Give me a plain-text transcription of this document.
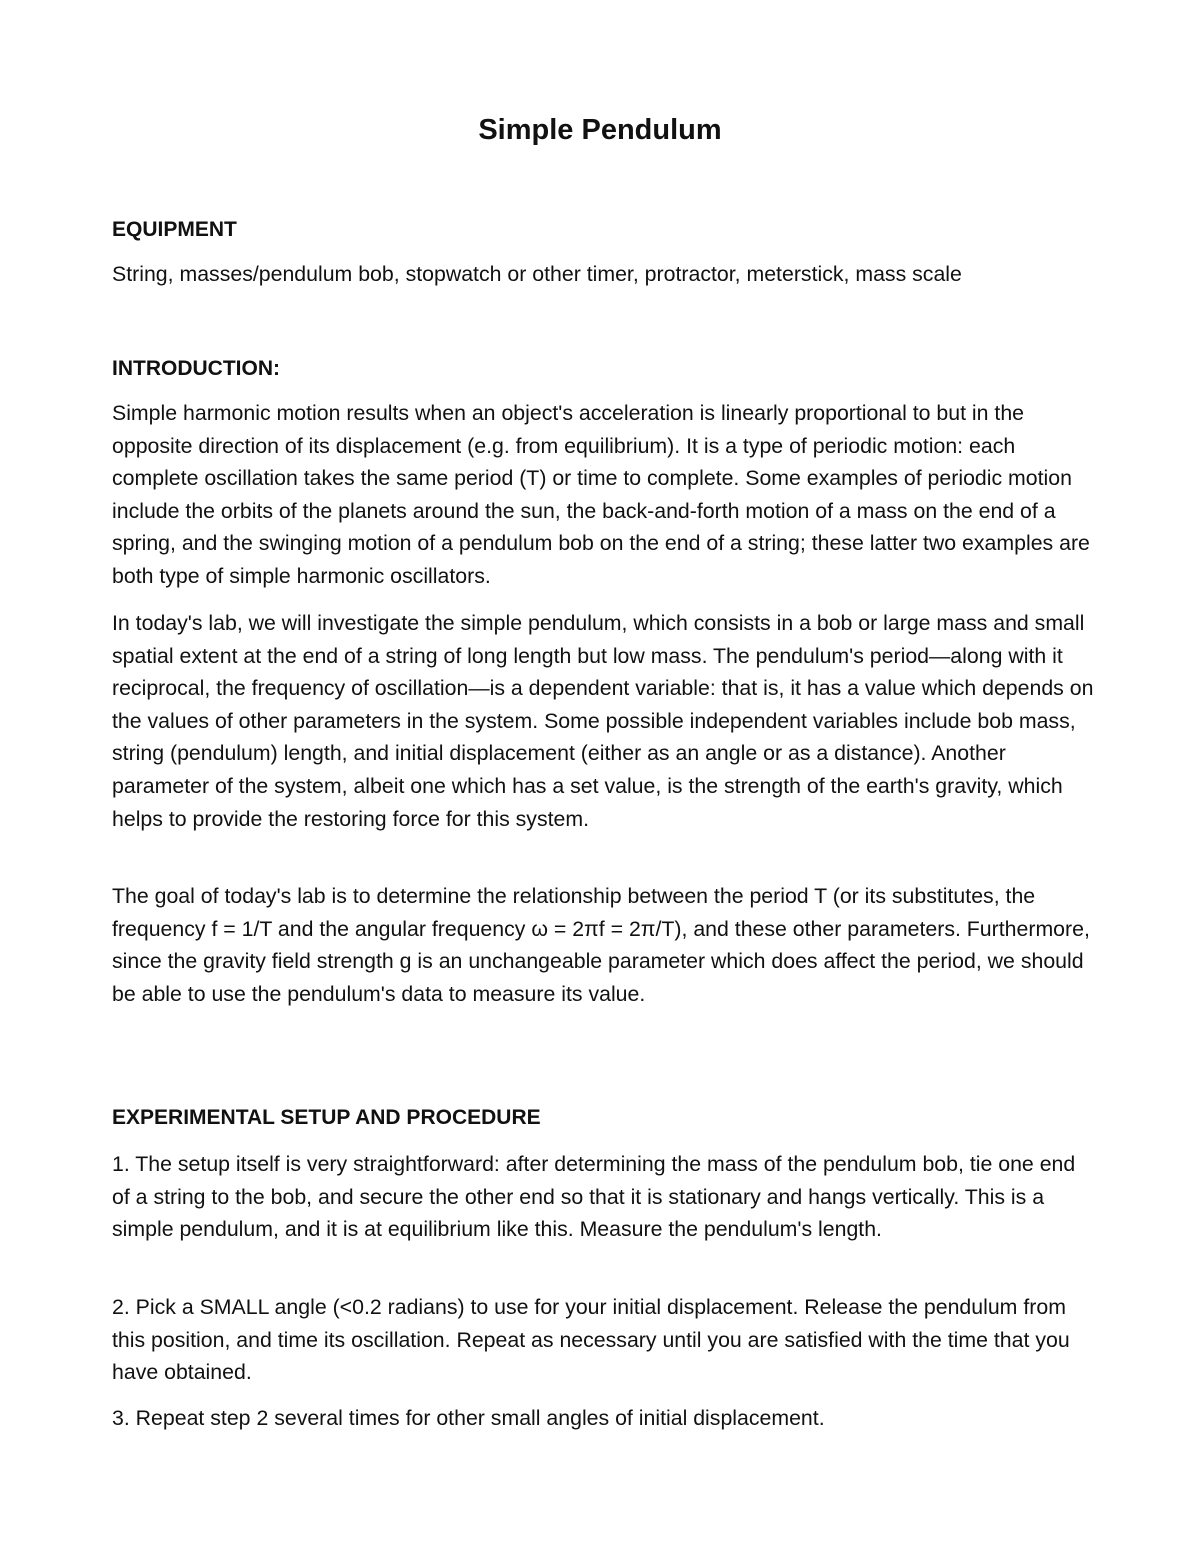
Simple Pendulum
EQUIPMENT

String, masses/pendulum bob, stopwatch or other timer, protractor, meterstick, mass scale

INTRODUCTION:

Simple harmonic motion results when an object's acceleration is linearly proportional to but in the opposite direction of its displacement (e.g. from equilibrium). It is a type of periodic motion: each complete oscillation takes the same period (T) or time to complete. Some examples of periodic motion include the orbits of the planets around the sun, the back-and-forth motion of a mass on the end of a spring, and the swinging motion of a pendulum bob on the end of a string; these latter two examples are both type of simple harmonic oscillators.

In today's lab, we will investigate the simple pendulum, which consists in a bob or large mass and small spatial extent at the end of a string of long length but low mass. The pendulum's period—along with it reciprocal, the frequency of oscillation—is a dependent variable: that is, it has a value which depends on the values of other parameters in the system. Some possible independent variables include bob mass, string (pendulum) length, and initial displacement (either as an angle or as a distance). Another parameter of the system, albeit one which has a set value, is the strength of the earth's gravity, which helps to provide the restoring force for this system.

The goal of today's lab is to determine the relationship between the period T (or its substitutes, the frequency f = 1/T and the angular frequency ω = 2πf = 2π/T), and these other parameters. Furthermore, since the gravity field strength g is an unchangeable parameter which does affect the period, we should be able to use the pendulum's data to measure its value.

EXPERIMENTAL SETUP AND PROCEDURE

1. The setup itself is very straightforward: after determining the mass of the pendulum bob, tie one end of a string to the bob, and secure the other end so that it is stationary and hangs vertically. This is a simple pendulum, and it is at equilibrium like this. Measure the pendulum's length.

2. Pick a SMALL angle (<0.2 radians) to use for your initial displacement. Release the pendulum from this position, and time its oscillation. Repeat as necessary until you are satisfied with the time that you have obtained.

3. Repeat step 2 several times for other small angles of initial displacement.
